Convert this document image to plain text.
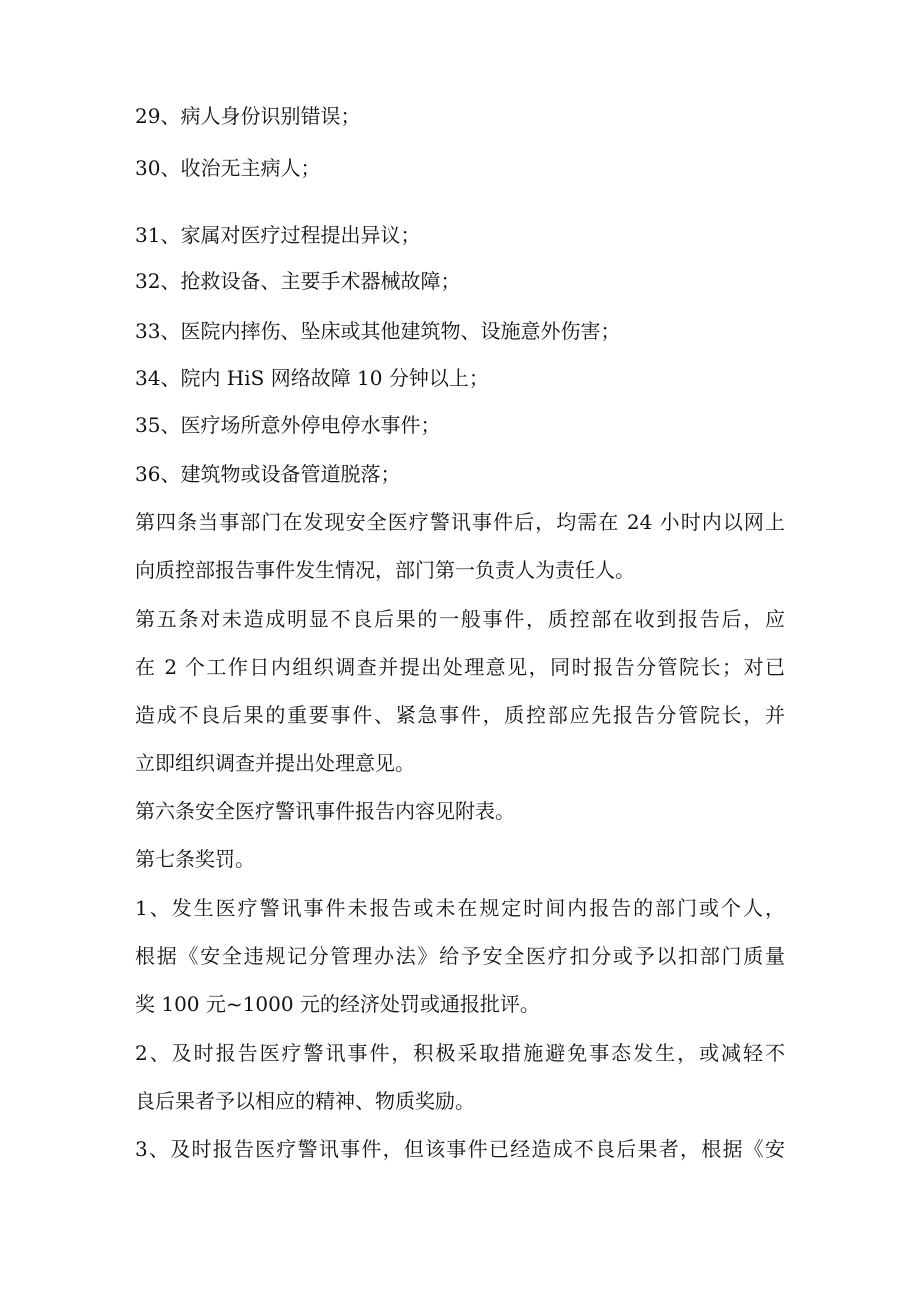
29、病人身份识别错误；
30、收治无主病人；
31、家属对医疗过程提出异议；
32、抢救设备、主要手术器械故障；
33、医院内摔伤、坠床或其他建筑物、设施意外伤害；
34、院内 HiS 网络故障 10 分钟以上；
35、医疗场所意外停电停水事件；
36、建筑物或设备管道脱落；
第四条当事部门在发现安全医疗警讯事件后，均需在 24 小时内以网上
向质控部报告事件发生情况，部门第一负责人为责任人。
第五条对未造成明显不良后果的一般事件，质控部在收到报告后，应
在 2 个工作日内组织调查并提出处理意见，同时报告分管院长；对已
造成不良后果的重要事件、紧急事件，质控部应先报告分管院长，并
立即组织调查并提出处理意见。
第六条安全医疗警讯事件报告内容见附表。
第七条奖罚。
1、发生医疗警讯事件未报告或未在规定时间内报告的部门或个人，
根据《安全违规记分管理办法》给予安全医疗扣分或予以扣部门质量
奖 100 元~1000 元的经济处罚或通报批评。
2、及时报告医疗警讯事件，积极采取措施避免事态发生，或减轻不
良后果者予以相应的精神、物质奖励。
3、及时报告医疗警讯事件，但该事件已经造成不良后果者，根据《安
